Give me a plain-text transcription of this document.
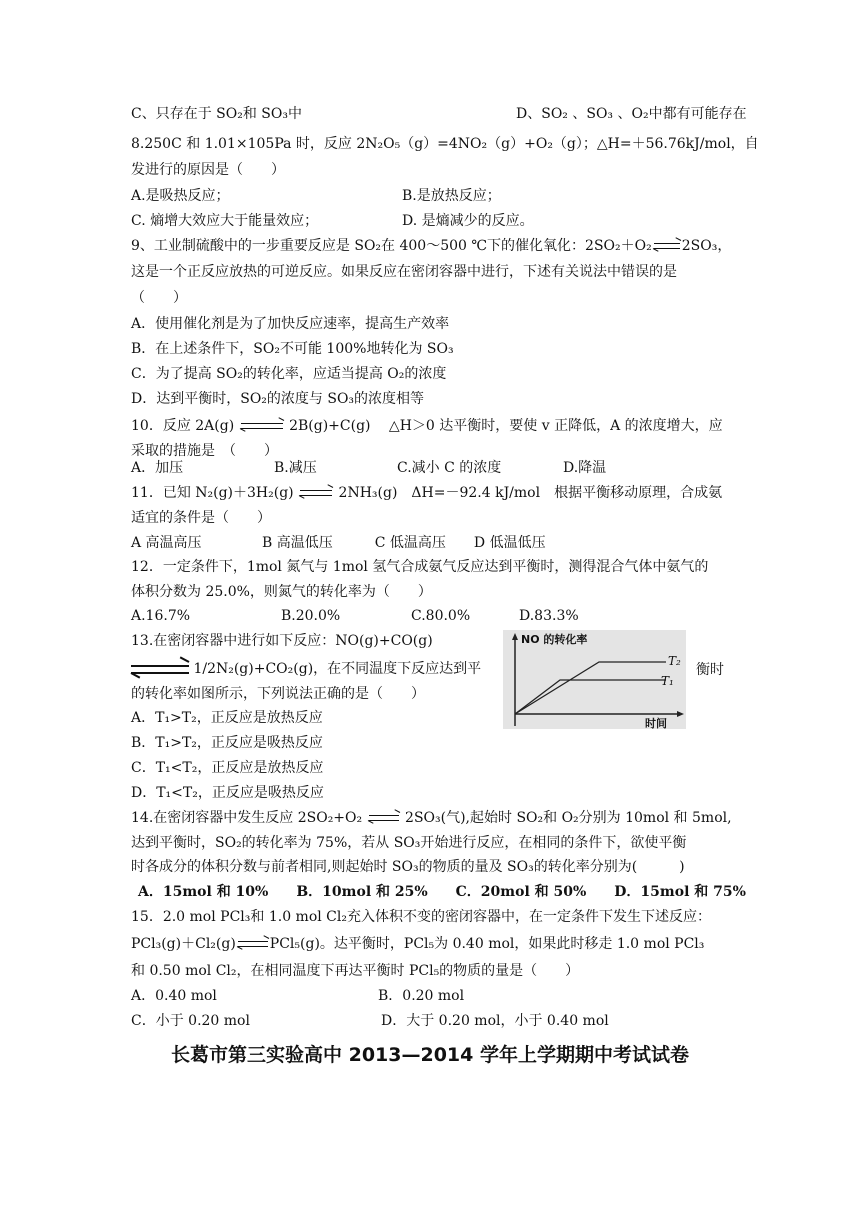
C、只存在于 SO₂和 SO₃中	D、SO₂ 、SO₃ 、O₂中都有可能存在
8.250C 和 1.01×105Pa 时，反应 2N₂O₅（g）=4NO₂（g）+O₂（g）；△H=＋56.76kJ/mol，自
发进行的原因是（　　）
A.是吸热反应；	B.是放热反应；
C. 熵增大效应大于能量效应；	D. 是熵减少的反应。
9、工业制硫酸中的一步重要反应是 SO₂在 400～500 ℃下的催化氧化：2SO₂＋O₂ 2SO₃，
这是一个正反应放热的可逆反应。如果反应在密闭容器中进行，下述有关说法中错误的是
（　　）
A．使用催化剂是为了加快反应速率，提高生产效率
B．在上述条件下，SO₂不可能 100%地转化为 SO₃
C．为了提高 SO₂的转化率，应适当提高 O₂的浓度
D．达到平衡时，SO₂的浓度与 SO₃的浓度相等
10．反应 2A(g)	2B(g)+C(g)　 △H＞0 达平衡时，要使 v 正降低，A 的浓度增大，应
采取的措施是　（　　）
A．加压	B.减压	C.减小 C 的浓度	D.降温
11．已知 N₂(g)＋3H₂(g)	2NH₃(g)　ΔH=－92.4 kJ/mol　根据平衡移动原理，合成氨
适宜的条件是（　　）
A 高温高压　　　　 B 高温低压　　　C 低温高压　　D 低温低压
12．一定条件下，1mol 氮气与 1mol 氢气合成氨气反应达到平衡时，测得混合气体中氨气的
体积分数为 25.0%，则氮气的转化率为（　　）
A.16.7%	B.20.0%	C.80.0%	D.83.3%
13.在密闭容器中进行如下反应：NO(g)+CO(g)
1/2N₂(g)+CO₂(g)，在不同温度下反应达到平	衡时
的转化率如图所示，下列说法正确的是（　　）
A．T₁>T₂，正反应是放热反应
B．T₁>T₂，正反应是吸热反应
C．T₁<T₂，正反应是放热反应
D．T₁<T₂，正反应是吸热反应
NO 的转化率
时间
T₂
T₁
14.在密闭容器中发生反应 2SO₂+O₂	2SO₃(气),起始时 SO₂和 O₂分别为 10mol 和 5mol,
达到平衡时，SO₂的转化率为 75%，若从 SO₃开始进行反应，在相同的条件下，欲使平衡
时各成分的体积分数与前者相同,则起始时 SO₃的物质的量及 SO₃的转化率分别为(　　　)
A．15mol 和 10%　　B．10mol 和 25%　　C．20mol 和 50%　　D．15mol 和 75%
15．2.0 mol PCl₃和 1.0 mol Cl₂充入体积不变的密闭容器中，在一定条件下发生下述反应：
PCl₃(g)＋Cl₂(g) PCl₅(g)。达平衡时，PCl₅为 0.40 mol，如果此时移走 1.0 mol PCl₃
和 0.50 mol Cl₂，在相同温度下再达平衡时 PCl₅的物质的量是（　　）
A．0.40 mol	B．0.20 mol
C．小于 0.20 mol	D．大于 0.20 mol，小于 0.40 mol
长葛市第三实验高中 2013—2014 学年上学期期中考试试卷
